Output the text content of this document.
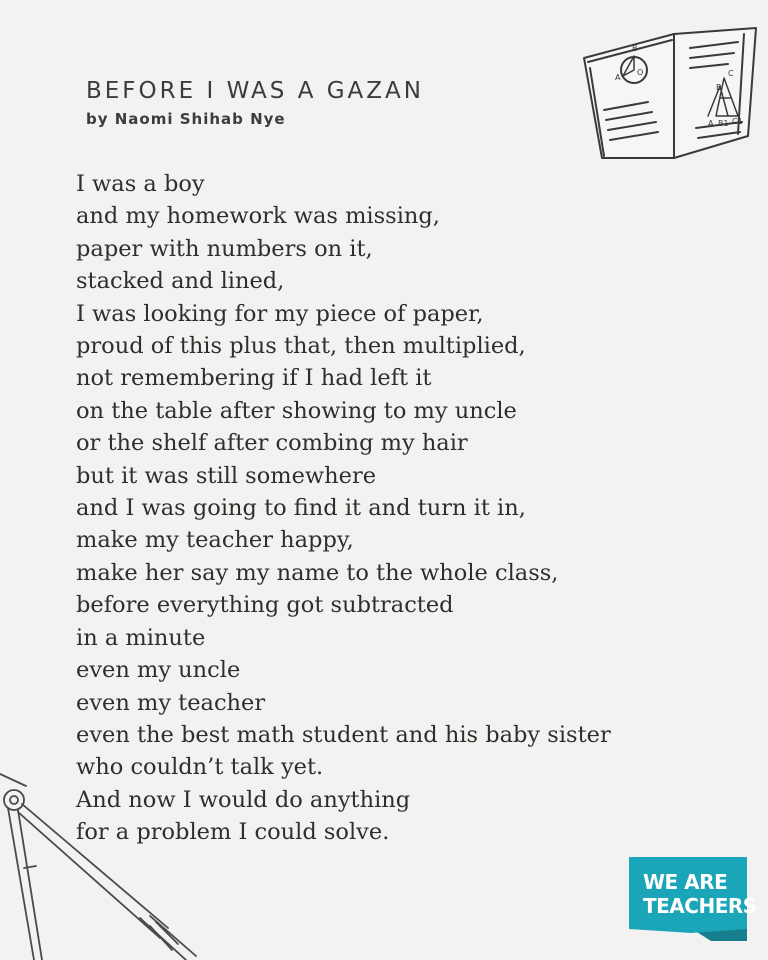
BEFORE I WAS A GAZAN

by Naomi Shihab Nye

I was a boy
and my homework was missing,
paper with numbers on it,
stacked and lined,
I was looking for my piece of paper,
proud of this plus that, then multiplied,
not remembering if I had left it
on the table after showing to my uncle
or the shelf after combing my hair
but it was still somewhere
and I was going to find it and turn it in,
make my teacher happy,
make her say my name to the whole class,
before everything got subtracted
in a minute
even my uncle
even my teacher
even the best math student and his baby sister
who couldn’t talk yet.
And now I would do anything
for a problem I could solve.
B
A
O
B
C
A B1 C1
WE ARE
TEACHERS
